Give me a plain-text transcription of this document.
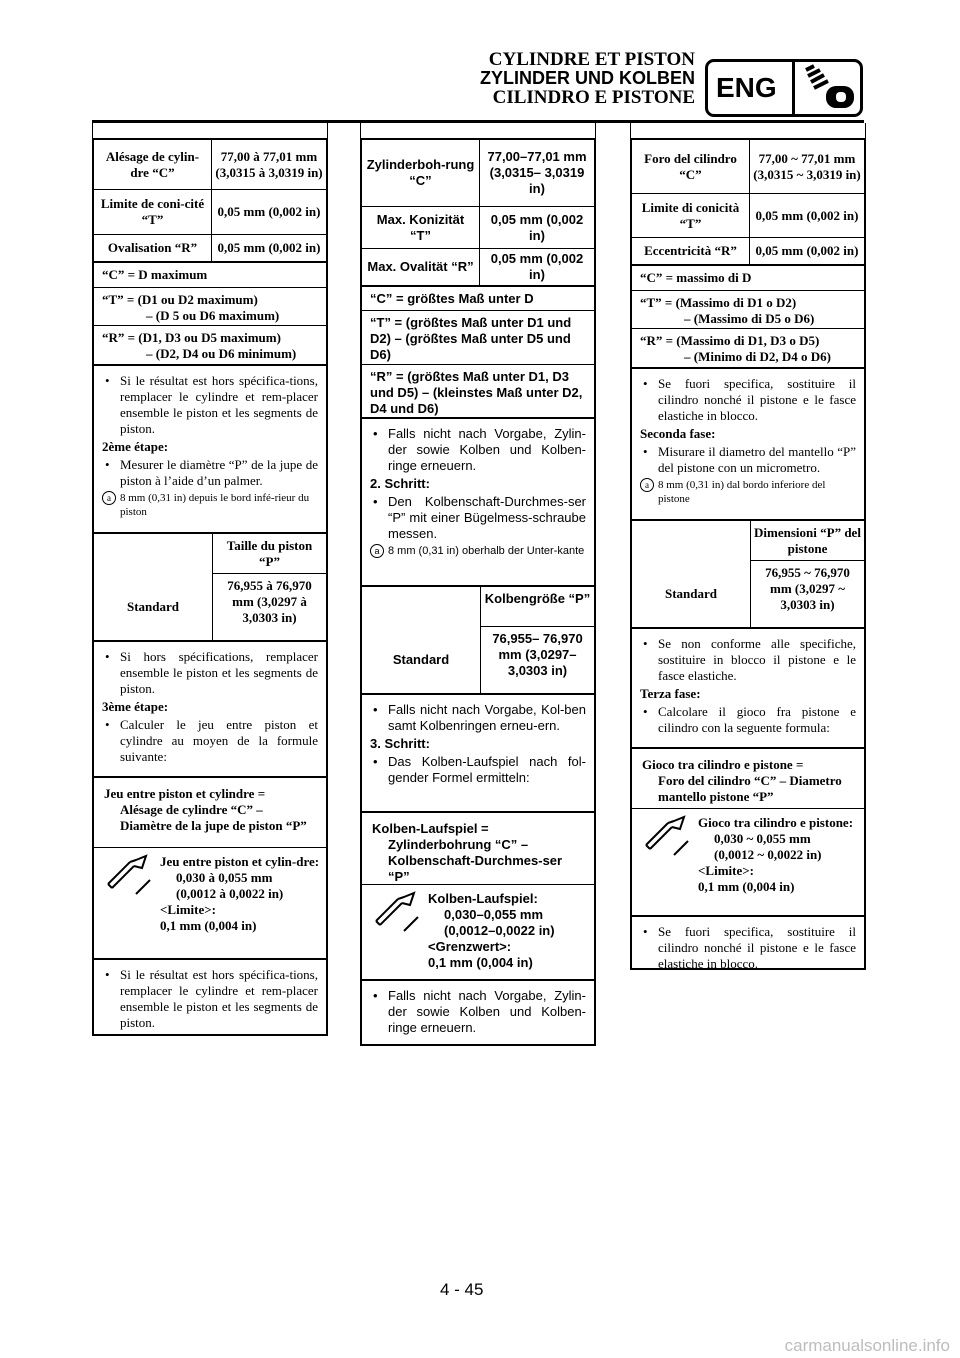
CYLINDRE ET PISTON
ZYLINDER UND KOLBEN
CILINDRO E PISTONE ENG
Alésage de cylin-dre “C”
77,00 à 77,01 mm (3,0315 à 3,0319 in)
Limite de coni-cité “T”
0,05 mm (0,002 in)
Ovalisation “R”	0,05 mm (0,002 in)
“C” = D maximum
“T” = (D1 ou D2 maximum)
– (D 5 ou D6 maximum)
“R” = (D1, D3 ou D5 maximum)
– (D2, D4 ou D6 minimum)
• Si le résultat est hors spécifica-tions, remplacer le cylindre et rem-placer ensemble le piston et les segments de piston.
2ème étape:
• Mesurer le diamètre “P” de la jupe de piston à l’aide d’un palmer.
a 8 mm (0,31 in) depuis le bord infé-rieur du piston
Taille du piston “P”
Standard
76,955 à 76,970 mm (3,0297 à 3,0303 in)
• Si hors spécifications, remplacer ensemble le piston et les segments de piston.
3ème étape:
• Calculer le jeu entre piston et cylindre au moyen de la formule suivante:
Jeu entre piston et cylindre =
Alésage de cylindre “C” – Diamètre de la jupe de piston “P”
Jeu entre piston et cylin-dre:
0,030 à 0,055 mm
(0,0012 à 0,0022 in)
<Limite>:
0,1 mm (0,004 in)
• Si le résultat est hors spécifica-tions, remplacer le cylindre et rem-placer ensemble le piston et les segments de piston.
Zylinderboh-rung “C”
77,00–77,01 mm (3,0315– 3,0319 in)
Max. Konizität “T”
0,05 mm (0,002 in)
Max. Ovalität “R”
0,05 mm (0,002 in)
“C” = größtes Maß unter D
“T” = (größtes Maß unter D1 und D2) – (größtes Maß unter D5 und D6)
“R” = (größtes Maß unter D1, D3 und D5) – (kleinstes Maß unter D2, D4 und D6)
• Falls nicht nach Vorgabe, Zylin-der sowie Kolben und Kolben-ringe erneuern.
2. Schritt:
• Den Kolbenschaft-Durchmes-ser “P” mit einer Bügelmess-schraube messen.
a 8 mm (0,31 in) oberhalb der Unter-kante
Kolbengröße “P”
Standard
76,955– 76,970 mm (3,0297– 3,0303 in)
• Falls nicht nach Vorgabe, Kol-ben samt Kolbenringen erneu-ern.
3. Schritt:
• Das Kolben-Laufspiel nach fol-gender Formel ermitteln:
Kolben-Laufspiel =
Zylinderbohrung “C” – Kolbenschaft-Durchmes-ser “P”
Kolben-Laufspiel:
0,030–0,055 mm
(0,0012–0,0022 in)
<Grenzwert>:
0,1 mm (0,004 in)
• Falls nicht nach Vorgabe, Zylin-der sowie Kolben und Kolben-ringe erneuern.
Foro del cilindro “C”
77,00 ~ 77,01 mm (3,0315 ~ 3,0319 in)
Limite di conicità “T”
0,05 mm (0,002 in)
Eccentricità “R”	0,05 mm (0,002 in)
“C” = massimo di D
“T” = (Massimo di D1 o D2)
– (Massimo di D5 o D6)
“R” = (Massimo di D1, D3 o D5)
– (Minimo di D2, D4 o D6)
• Se fuori specifica, sostituire il cilindro nonché il pistone e le fasce elastiche in blocco.
Seconda fase:
• Misurare il diametro del mantello “P” del pistone con un micrometro.
a 8 mm (0,31 in) dal bordo inferiore del pistone
Dimensioni “P” del pistone
Standard
76,955 ~ 76,970 mm (3,0297 ~ 3,0303 in)
• Se non conforme alle specifiche, sostituire in blocco il pistone e le fasce elastiche.
Terza fase:
• Calcolare il gioco fra pistone e cilindro con la seguente formula:
Gioco tra cilindro e pistone =
Foro del cilindro “C” – Diametro mantello pistone “P”
Gioco tra cilindro e pistone:
0,030 ~ 0,055 mm
(0,0012 ~ 0,0022 in)
<Limite>:
0,1 mm (0,004 in)
• Se fuori specifica, sostituire il cilindro nonché il pistone e le fasce elastiche in blocco.
4 - 45
carmanualsonline.info
